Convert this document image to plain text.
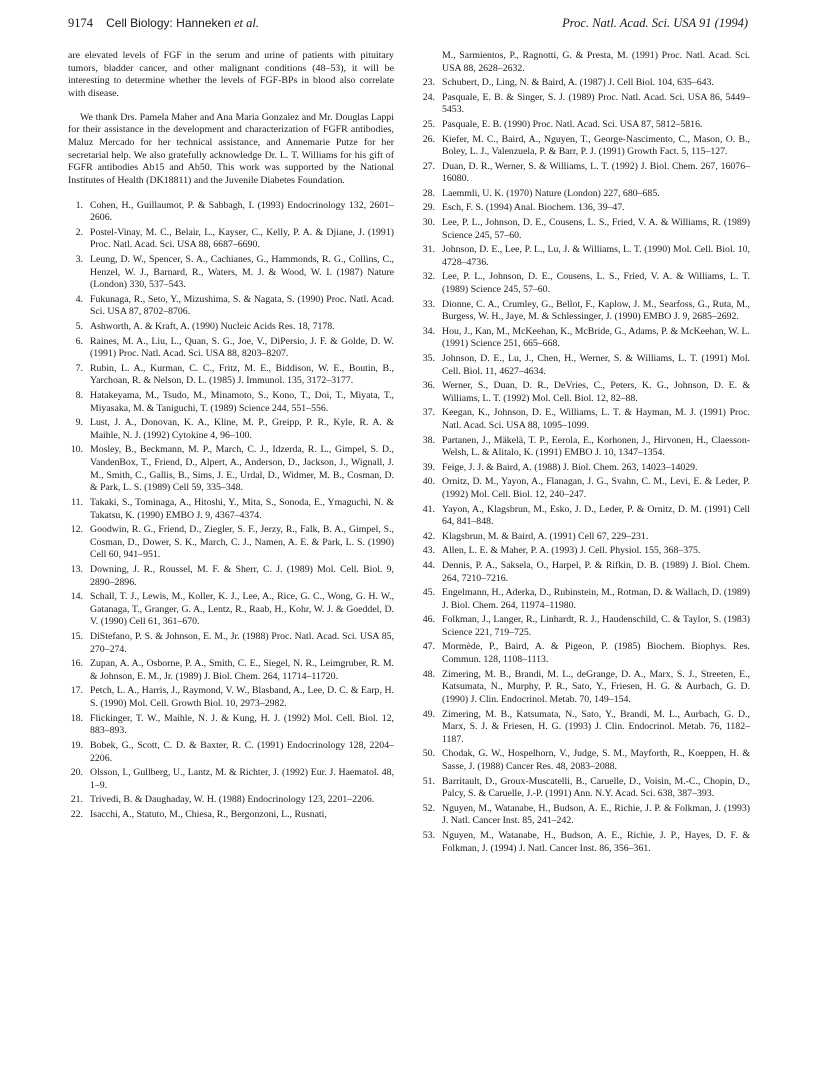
9174 Cell Biology: Hanneken et al.	Proc. Natl. Acad. Sci. USA 91 (1994)

are elevated levels of FGF in the serum and urine of patients with pituitary tumors, bladder cancer, and other malignant conditions (48–53), it will be interesting to determine whether the levels of FGF-BPs in blood also correlate with disease.

We thank Drs. Pamela Maher and Ana Maria Gonzalez and Mr. Douglas Lappi for their assistance in the development and characterization of FGFR antibodies, Maluz Mercado for her technical assistance, and Annemarie Putze for her secretarial help. We also gratefully acknowledge Dr. L. T. Williams for his gift of FGFR antibodies Ab15 and Ab50. This work was supported by the National Institutes of Health (DK18811) and the Juvenile Diabetes Foundation.

1. Cohen, H., Guillaumot, P. & Sabbagh, I. (1993) Endocrinology 132, 2601–2606.
2. Postel-Vinay, M. C., Belair, L., Kayser, C., Kelly, P. A. & Djiane, J. (1991) Proc. Natl. Acad. Sci. USA 88, 6687–6690.
3. Leung, D. W., Spencer, S. A., Cachianes, G., Hammonds, R. G., Collins, C., Henzel, W. J., Barnard, R., Waters, M. J. & Wood, W. I. (1987) Nature (London) 330, 537–543.
4. Fukunaga, R., Seto, Y., Mizushima, S. & Nagata, S. (1990) Proc. Natl. Acad. Sci. USA 87, 8702–8706.
5. Ashworth, A. & Kraft, A. (1990) Nucleic Acids Res. 18, 7178.
6. Raines, M. A., Liu, L., Quan, S. G., Joe, V., DiPersio, J. F. & Golde, D. W. (1991) Proc. Natl. Acad. Sci. USA 88, 8203–8207.
7. Rubin, L. A., Kurman, C. C., Fritz, M. E., Biddison, W. E., Boutin, B., Yarchoan, R. & Nelson, D. L. (1985) J. Immunol. 135, 3172–3177.
8. Hatakeyama, M., Tsudo, M., Minamoto, S., Kono, T., Doi, T., Miyata, T., Miyasaka, M. & Taniguchi, T. (1989) Science 244, 551–556.
9. Lust, J. A., Donovan, K. A., Kline, M. P., Greipp, P. R., Kyle, R. A. & Maihle, N. J. (1992) Cytokine 4, 96–100.
10. Mosley, B., Beckmann, M. P., March, C. J., Idzerda, R. L., Gimpel, S. D., VandenBox, T., Friend, D., Alpert, A., Anderson, D., Jackson, J., Wignall, J. M., Smith, C., Gallis, B., Sims, J. E., Urdal, D., Widmer, M. B., Cosman, D. & Park, L. S. (1989) Cell 59, 335–348.
11. Takaki, S., Tominaga, A., Hitoshi, Y., Mita, S., Sonoda, E., Ymaguchi, N. & Takatsu, K. (1990) EMBO J. 9, 4367–4374.
12. Goodwin, R. G., Friend, D., Ziegler, S. F., Jerzy, R., Falk, B. A., Gimpel, S., Cosman, D., Dower, S. K., March, C. J., Namen, A. E. & Park, L. S. (1990) Cell 60, 941–951.
13. Downing, J. R., Roussel, M. F. & Sherr, C. J. (1989) Mol. Cell. Biol. 9, 2890–2896.
14. Schall, T. J., Lewis, M., Koller, K. J., Lee, A., Rice, G. C., Wong, G. H. W., Gatanaga, T., Granger, G. A., Lentz, R., Raab, H., Kohr, W. J. & Goeddel, D. V. (1990) Cell 61, 361–670.
15. DiStefano, P. S. & Johnson, E. M., Jr. (1988) Proc. Natl. Acad. Sci. USA 85, 270–274.
16. Zupan, A. A., Osborne, P. A., Smith, C. E., Siegel, N. R., Leimgruber, R. M. & Johnson, E. M., Jr. (1989) J. Biol. Chem. 264, 11714–11720.
17. Petch, L. A., Harris, J., Raymond, V. W., Blasband, A., Lee, D. C. & Earp, H. S. (1990) Mol. Cell. Growth Biol. 10, 2973–2982.
18. Flickinger, T. W., Maihle, N. J. & Kung, H. J. (1992) Mol. Cell. Biol. 12, 883–893.
19. Bobek, G., Scott, C. D. & Baxter, R. C. (1991) Endocrinology 128, 2204–2206.
20. Olsson, I., Gullberg, U., Lantz, M. & Richter, J. (1992) Eur. J. Haematol. 48, 1–9.
21. Trivedi, B. & Daughaday, W. H. (1988) Endocrinology 123, 2201–2206.
22. Isacchi, A., Statuto, M., Chiesa, R., Bergonzoni, L., Rusnati,
M., Sarmientos, P., Ragnotti, G. & Presta, M. (1991) Proc. Natl. Acad. Sci. USA 88, 2628–2632.
23. Schubert, D., Ling, N. & Baird, A. (1987) J. Cell Biol. 104, 635–643.
24. Pasquale, E. B. & Singer, S. J. (1989) Proc. Natl. Acad. Sci. USA 86, 5449–5453.
25. Pasquale, E. B. (1990) Proc. Natl. Acad. Sci. USA 87, 5812–5816.
26. Kiefer, M. C., Baird, A., Nguyen, T., George-Nascimento, C., Mason, O. B., Boley, L. J., Valenzuela, P. & Barr, P. J. (1991) Growth Fact. 5, 115–127.
27. Duan, D. R., Werner, S. & Williams, L. T. (1992) J. Biol. Chem. 267, 16076–16080.
28. Laemmli, U. K. (1970) Nature (London) 227, 680–685.
29. Esch, F. S. (1994) Anal. Biochem. 136, 39–47.
30. Lee, P. L., Johnson, D. E., Cousens, L. S., Fried, V. A. & Williams, R. (1989) Science 245, 57–60.
31. Johnson, D. E., Lee, P. L., Lu, J. & Williams, L. T. (1990) Mol. Cell. Biol. 10, 4728–4736.
32. Lee, P. L., Johnson, D. E., Cousens, L. S., Fried, V. A. & Williams, L. T. (1989) Science 245, 57–60.
33. Dionne, C. A., Crumley, G., Bellot, F., Kaplow, J. M., Searfoss, G., Ruta, M., Burgess, W. H., Jaye, M. & Schlessinger, J. (1990) EMBO J. 9, 2685–2692.
34. Hou, J., Kan, M., McKeehan, K., McBride, G., Adams, P. & McKeehan, W. L. (1991) Science 251, 665–668.
35. Johnson, D. E., Lu, J., Chen, H., Werner, S. & Williams, L. T. (1991) Mol. Cell. Biol. 11, 4627–4634.
36. Werner, S., Duan, D. R., DeVries, C., Peters, K. G., Johnson, D. E. & Williams, L. T. (1992) Mol. Cell. Biol. 12, 82–88.
37. Keegan, K., Johnson, D. E., Williams, L. T. & Hayman, M. J. (1991) Proc. Natl. Acad. Sci. USA 88, 1095–1099.
38. Partanen, J., Mäkelä, T. P., Eerola, E., Korhonen, J., Hirvonen, H., Claesson-Welsh, L. & Alitalo, K. (1991) EMBO J. 10, 1347–1354.
39. Feige, J. J. & Baird, A. (1988) J. Biol. Chem. 263, 14023–14029.
40. Ornitz, D. M., Yayon, A., Flanagan, J. G., Svahn, C. M., Levi, E. & Leder, P. (1992) Mol. Cell. Biol. 12, 240–247.
41. Yayon, A., Klagsbrun, M., Esko, J. D., Leder, P. & Ornitz, D. M. (1991) Cell 64, 841–848.
42. Klagsbrun, M. & Baird, A. (1991) Cell 67, 229–231.
43. Allen, L. E. & Maher, P. A. (1993) J. Cell. Physiol. 155, 368–375.
44. Dennis, P. A., Saksela, O., Harpel, P. & Rifkin, D. B. (1989) J. Biol. Chem. 264, 7210–7216.
45. Engelmann, H., Aderka, D., Rubinstein, M., Rotman, D. & Wallach, D. (1989) J. Biol. Chem. 264, 11974–11980.
46. Folkman, J., Langer, R., Linhardt, R. J., Haudenschild, C. & Taylor, S. (1983) Science 221, 719–725.
47. Mormède, P., Baird, A. & Pigeon, P. (1985) Biochem. Biophys. Res. Commun. 128, 1108–1113.
48. Zimering, M. B., Brandi, M. L., deGrange, D. A., Marx, S. J., Streeten, E., Katsumata, N., Murphy, P. R., Sato, Y., Friesen, H. G. & Aurbach, G. D. (1990) J. Clin. Endocrinol. Metab. 70, 149–154.
49. Zimering, M. B., Katsumata, N., Sato, Y., Brandi, M. L., Aurbach, G. D., Marx, S. J. & Friesen, H. G. (1993) J. Clin. Endocrinol. Metab. 76, 1182–1187.
50. Chodak, G. W., Hospelhorn, V., Judge, S. M., Mayforth, R., Koeppen, H. & Sasse, J. (1988) Cancer Res. 48, 2083–2088.
51. Barritault, D., Groux-Muscatelli, B., Caruelle, D., Voisin, M.-C., Chopin, D., Palcy, S. & Caruelle, J.-P. (1991) Ann. N.Y. Acad. Sci. 638, 387–393.
52. Nguyen, M., Watanabe, H., Budson, A. E., Richie, J. P. & Folkman, J. (1993) J. Natl. Cancer Inst. 85, 241–242.
53. Nguyen, M., Watanabe, H., Budson, A. E., Richie, J. P., Hayes, D. F. & Folkman, J. (1994) J. Natl. Cancer Inst. 86, 356–361.
